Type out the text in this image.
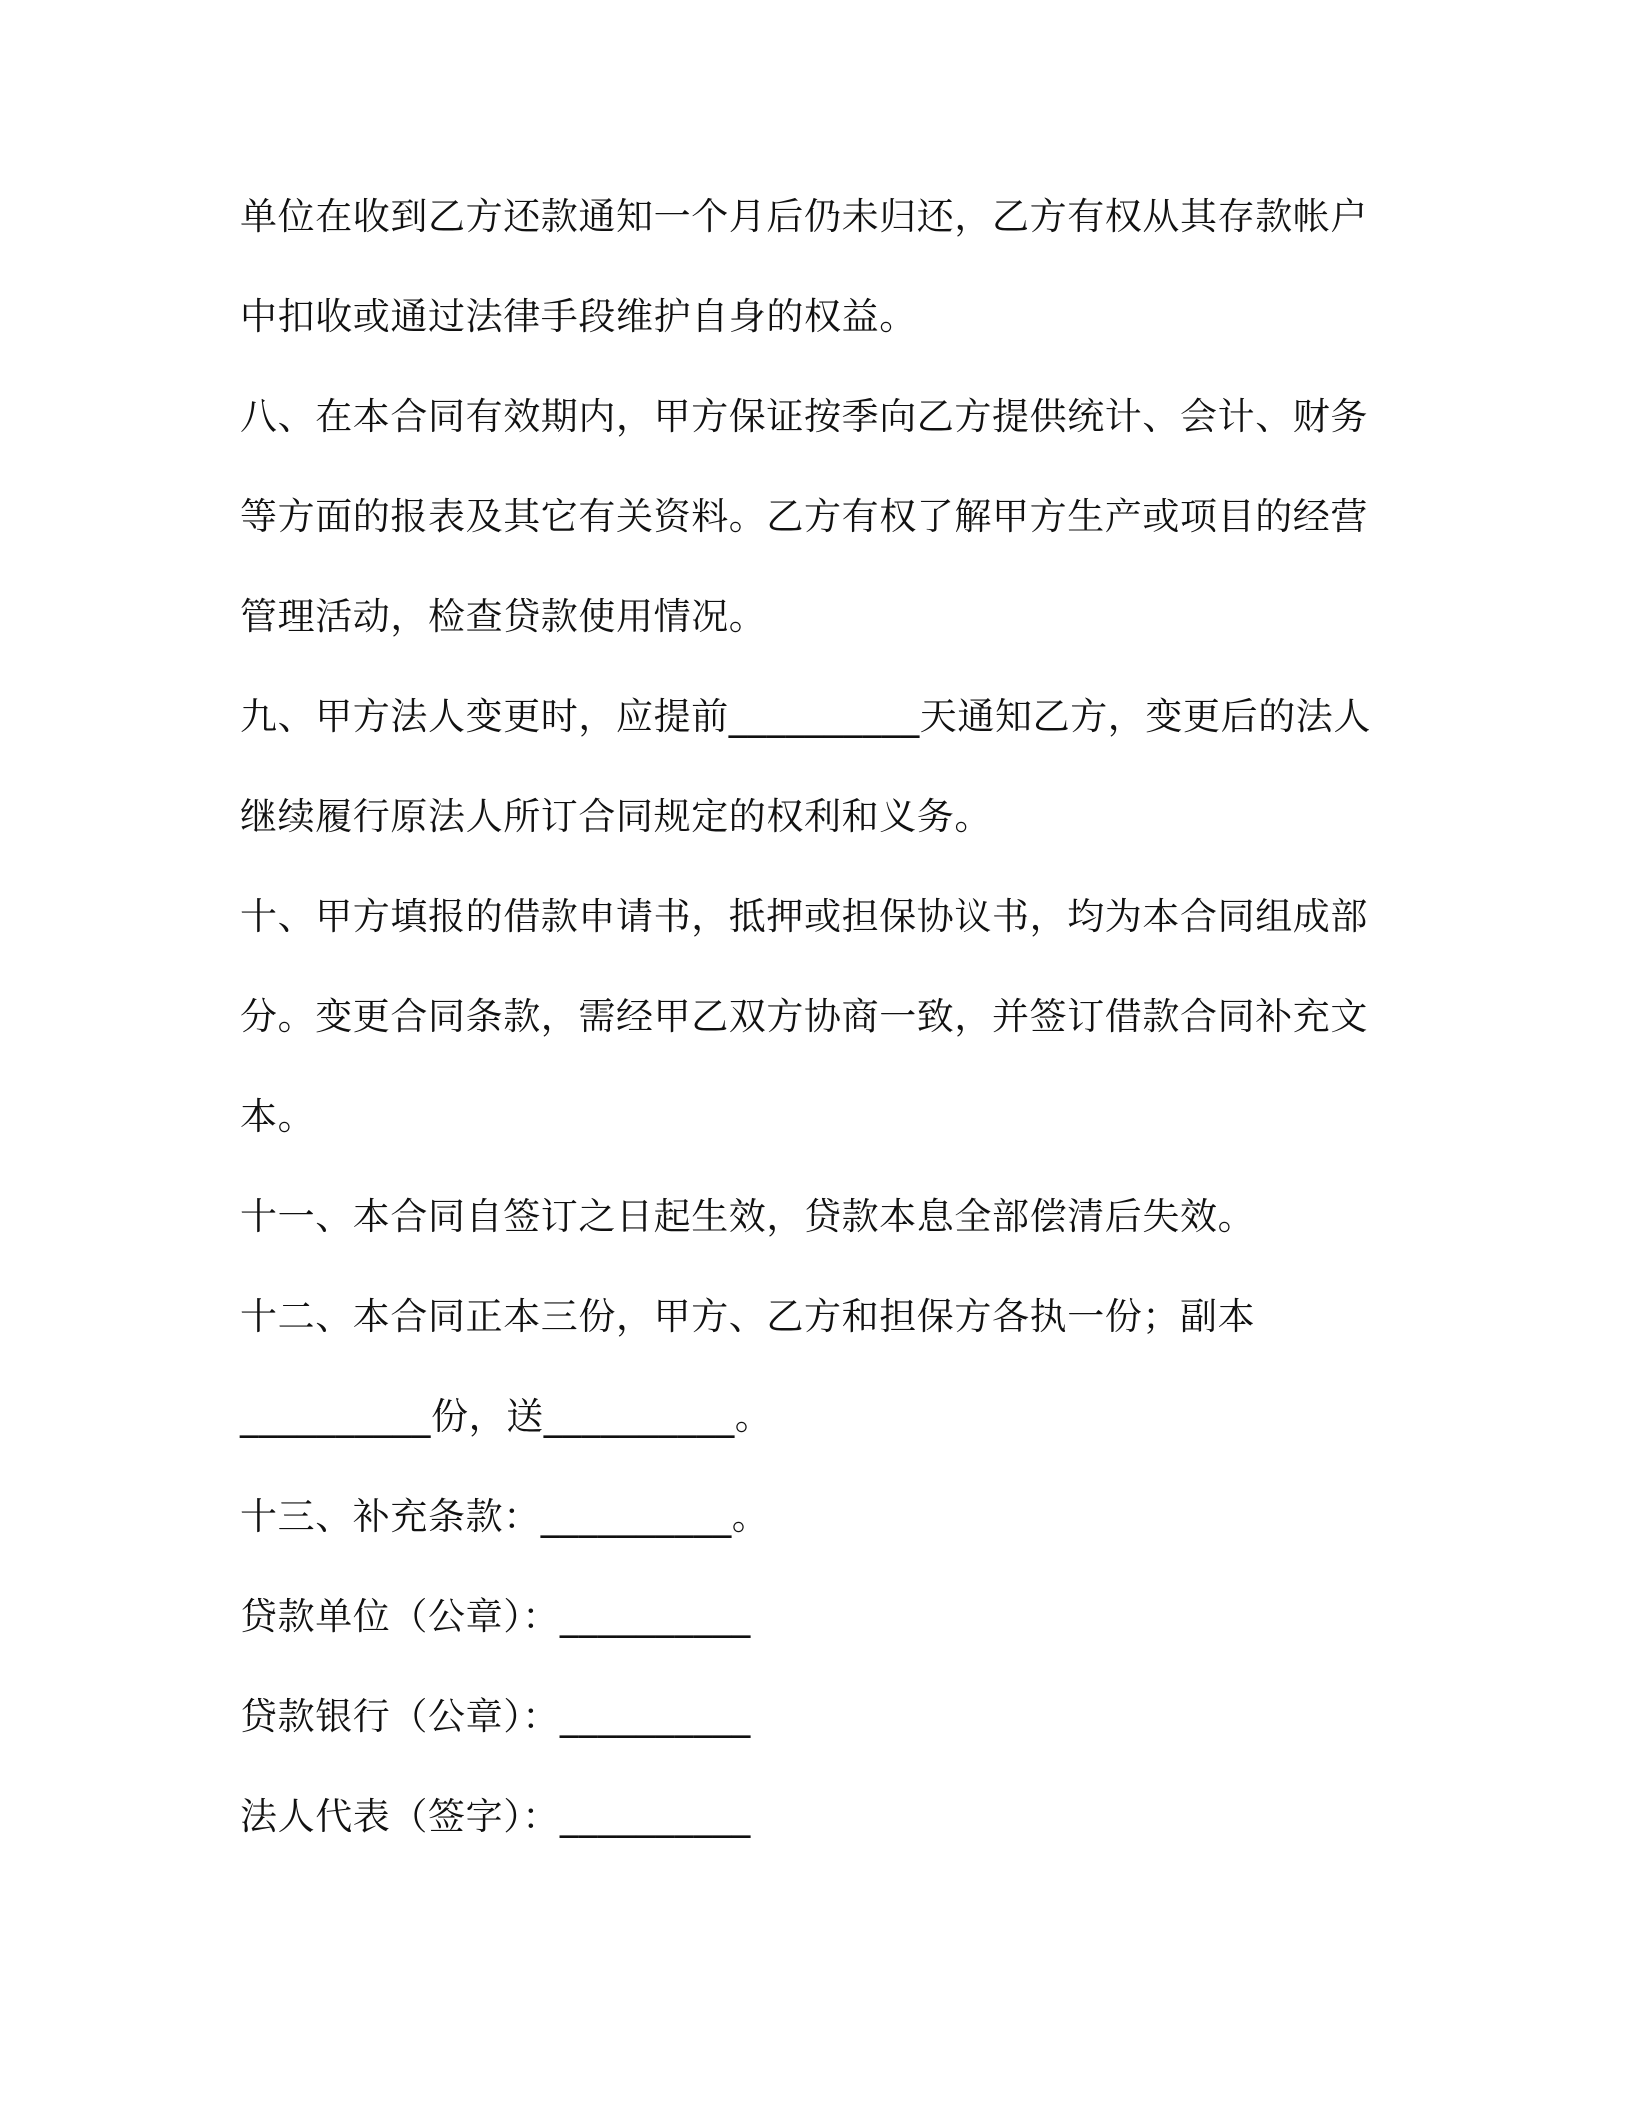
单位在收到乙方还款通知一个月后仍未归还，乙方有权从其存款帐户
中扣收或通过法律手段维护自身的权益。
八、在本合同有效期内，甲方保证按季向乙方提供统计、会计、财务
等方面的报表及其它有关资料。乙方有权了解甲方生产或项目的经营
管理活动，检查贷款使用情况。
九、甲方法人变更时，应提前__________天通知乙方，变更后的法人
继续履行原法人所订合同规定的权利和义务。
十、甲方填报的借款申请书，抵押或担保协议书，均为本合同组成部
分。变更合同条款，需经甲乙双方协商一致，并签订借款合同补充文
本。
十一、本合同自签订之日起生效，贷款本息全部偿清后失效。
十二、本合同正本三份，甲方、乙方和担保方各执一份；副本
__________份，送__________。
十三、补充条款：__________。
贷款单位（公章）：__________
贷款银行（公章）：__________
法人代表（签字）：__________
